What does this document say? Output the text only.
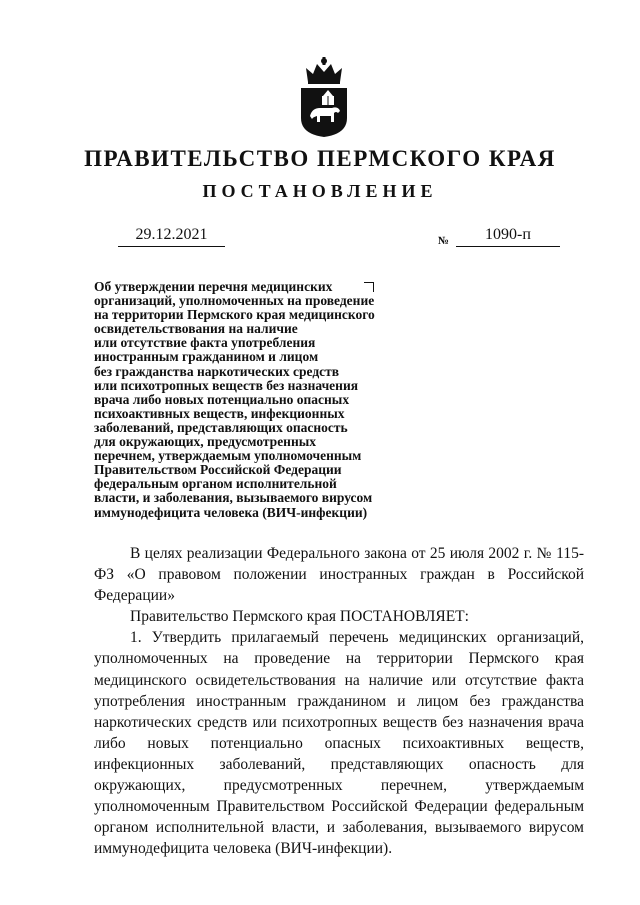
ПРАВИТЕЛЬСТВО ПЕРМСКОГО КРАЯ
ПОСТАНОВЛЕНИЕ
29.12.2021	№	1090-п
Об утверждении перечня медицинских
организаций, уполномоченных на проведение
на территории Пермского края медицинского
освидетельствования на наличие
или отсутствие факта употребления
иностранным гражданином и лицом
без гражданства наркотических средств
или психотропных веществ без назначения
врача либо новых потенциально опасных
психоактивных веществ, инфекционных
заболеваний, представляющих опасность
для окружающих, предусмотренных
перечнем, утверждаемым уполномоченным
Правительством Российской Федерации
федеральным органом исполнительной
власти, и заболевания, вызываемого вирусом
иммунодефицита человека (ВИЧ-инфекции)

В целях реализации Федерального закона от 25 июля 2002 г. № 115-ФЗ «О правовом положении иностранных граждан в Российской Федерации»

Правительство Пермского края ПОСТАНОВЛЯЕТ:

1. Утвердить прилагаемый перечень медицинских организаций, уполномоченных на проведение на территории Пермского края медицинского освидетельствования на наличие или отсутствие факта употребления иностранным гражданином и лицом без гражданства наркотических средств или психотропных веществ без назначения врача либо новых потенциально опасных психоактивных веществ, инфекционных заболеваний, представляющих опасность для окружающих, предусмотренных перечнем, утверждаемым уполномоченным Правительством Российской Федерации федеральным органом исполнительной власти, и заболевания, вызываемого вирусом иммунодефицита человека (ВИЧ-инфекции).
